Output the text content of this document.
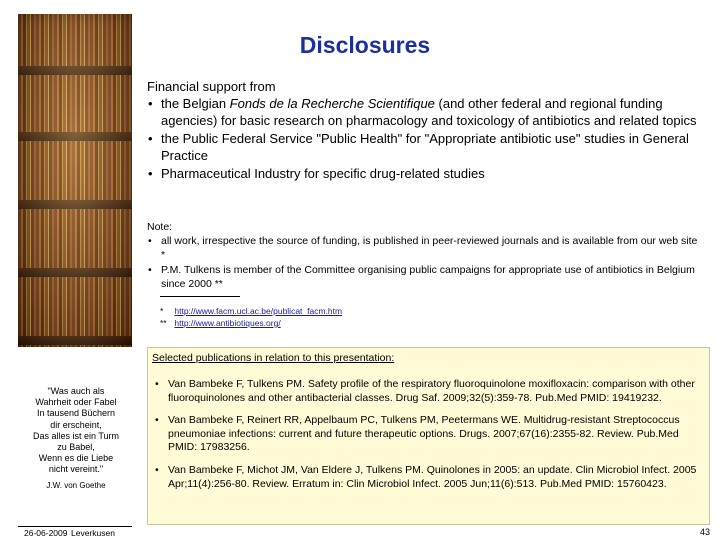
"Was auch als
Wahrheit oder Fabel
In tausend Büchern
dir erscheint,
Das alles ist ein Turm
zu Babel,
Wenn es die Liebe
nicht vereint."
J.W. von Goethe
26-06-2009 Leverkusen	43
Disclosures
Financial support from
• the Belgian Fonds de la Recherche Scientifique (and other federal and regional funding agencies) for basic research on pharmacology and toxicology of antibiotics and related topics
• the Public Federal Service "Public Health" for "Appropriate antibiotic use" studies in General Practice
• Pharmaceutical Industry for specific drug-related studies
Note:
• all work, irrespective the source of funding, is published in peer-reviewed journals and is available from our web site *
• P.M. Tulkens is member of the Committee organising public campaigns for appropriate use of antibiotics in Belgium since 2000 **
* http://www.facm.ucl.ac.be/publicat_facm.htm
** http://www.antibiotiques.org/
Selected publications in relation to this presentation:
• Van Bambeke F, Tulkens PM. Safety profile of the respiratory fluoroquinolone moxifloxacin: comparison with other fluoroquinolones and other antibacterial classes. Drug Saf. 2009;32(5):359-78. Pub.Med PMID: 19419232.
• Van Bambeke F, Reinert RR, Appelbaum PC, Tulkens PM, Peetermans WE. Multidrug-resistant Streptococcus pneumoniae infections: current and future therapeutic options. Drugs. 2007;67(16):2355-82. Review. Pub.Med PMID: 17983256.
• Van Bambeke F, Michot JM, Van Eldere J, Tulkens PM. Quinolones in 2005: an update. Clin Microbiol Infect. 2005 Apr;11(4):256-80. Review. Erratum in: Clin Microbiol Infect. 2005 Jun;11(6):513. Pub.Med PMID: 15760423.
